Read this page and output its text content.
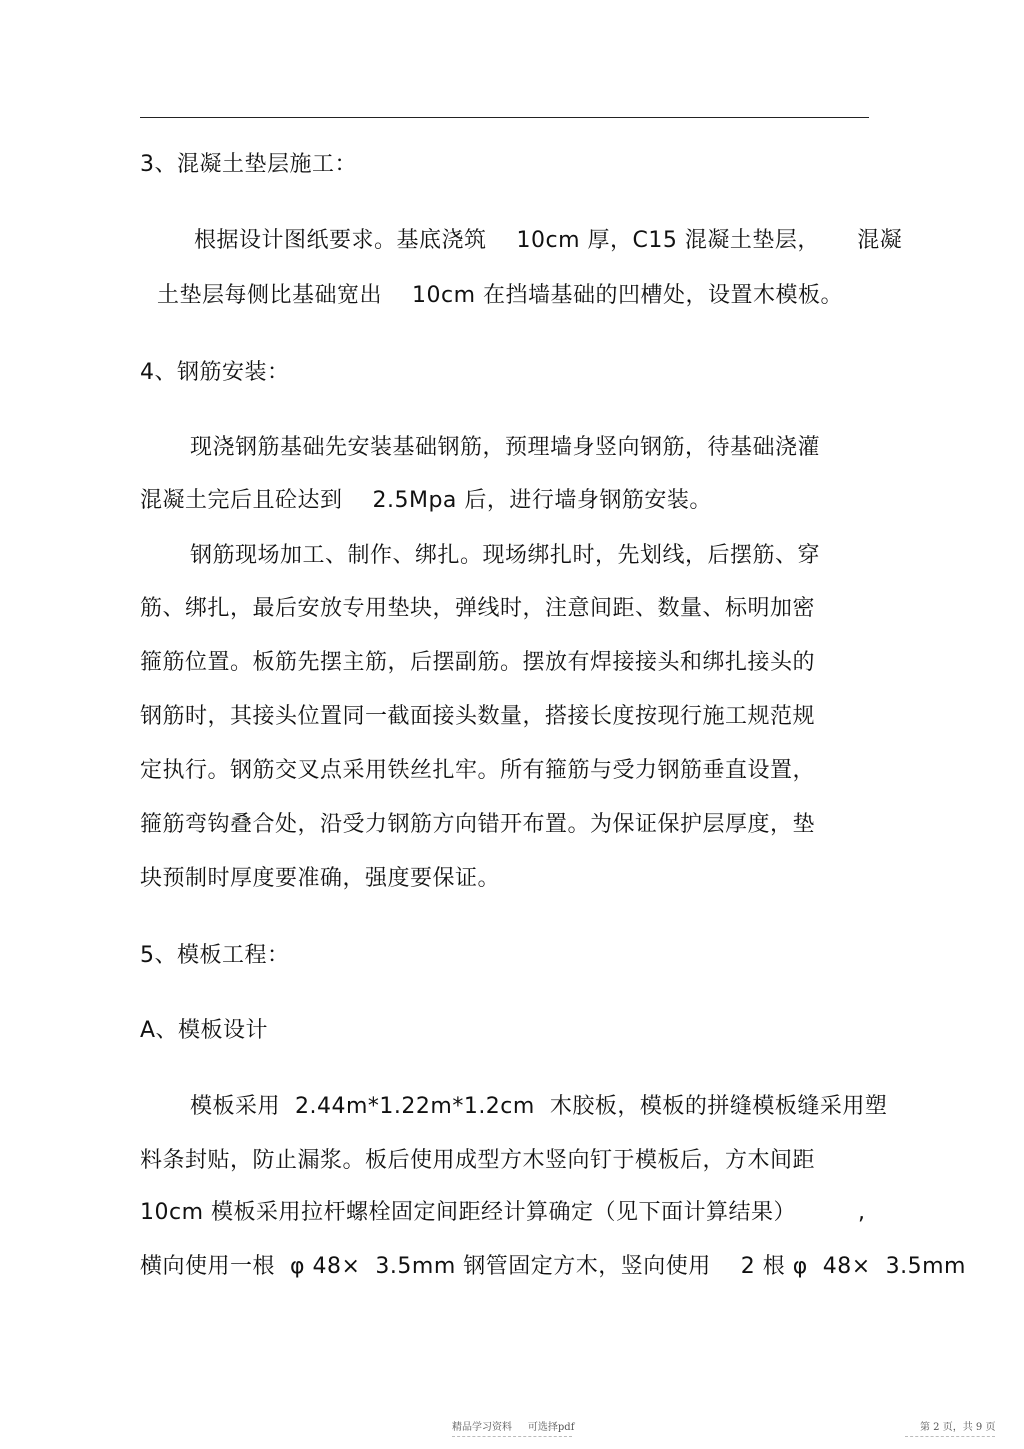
3、混凝土垫层施工：
根据设计图纸要求。基底浇筑    10cm 厚，C15 混凝土垫层，     混凝
土垫层每侧比基础宽出    10cm 在挡墙基础的凹槽处，设置木模板。
4、钢筋安装：
现浇钢筋基础先安装基础钢筋，预理墙身竖向钢筋，待基础浇灌
混凝土完后且砼达到    2.5Mpa 后，进行墙身钢筋安装。
钢筋现场加工、制作、绑扎。现场绑扎时，先划线，后摆筋、穿
筋、绑扎，最后安放专用垫块，弹线时，注意间距、数量、标明加密
箍筋位置。板筋先摆主筋，后摆副筋。摆放有焊接接头和绑扎接头的
钢筋时，其接头位置同一截面接头数量，搭接长度按现行施工规范规
定执行。钢筋交叉点采用铁丝扎牢。所有箍筋与受力钢筋垂直设置，
箍筋弯钩叠合处，沿受力钢筋方向错开布置。为保证保护层厚度，垫
块预制时厚度要准确，强度要保证。
5、模板工程：
A、模板设计
模板采用  2.44m*1.22m*1.2cm  木胶板，模板的拼缝模板缝采用塑
料条封贴，防止漏浆。板后使用成型方木竖向钉于模板后，方木间距
10cm 模板采用拉杆螺栓固定间距经计算确定（见下面计算结果）	,
横向使用一根  φ 48×  3.5mm 钢管固定方木，竖向使用    2 根 φ  48×  3.5mm
精品学习资料     可选择pdf	第 2 页，共 9 页
